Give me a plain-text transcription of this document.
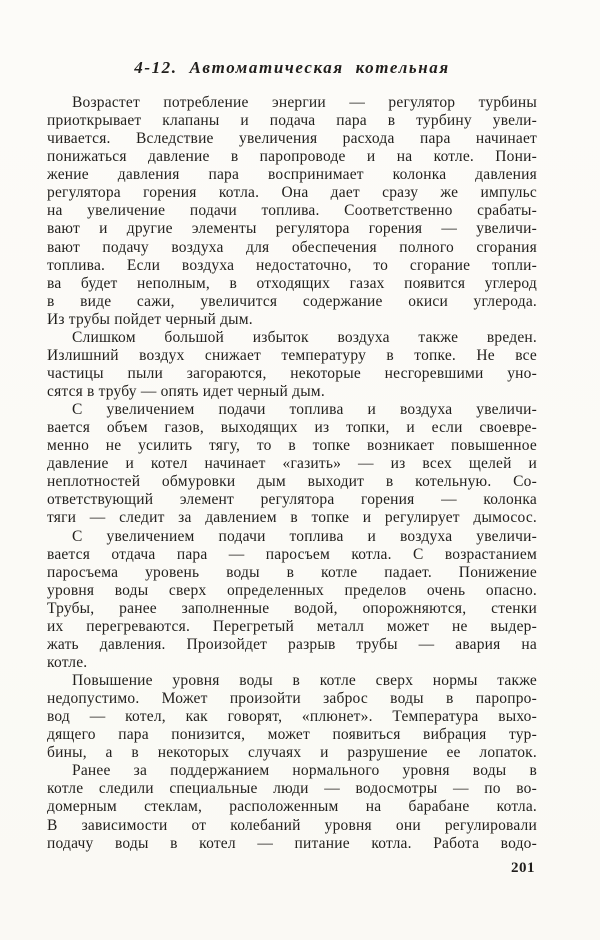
4-12. Автоматическая котельная
Возрастет потребление энергии — регулятор турбины
приоткрывает клапаны и подача пара в турбину увели-
чивается. Вследствие увеличения расхода пара начинает
понижаться давление в паропроводе и на котле. Пони-
жение давления пара воспринимает колонка давления
регулятора горения котла. Она дает сразу же импульс
на увеличение подачи топлива. Соответственно срабаты-
вают и другие элементы регулятора горения — увеличи-
вают подачу воздуха для обеспечения полного сгорания
топлива. Если воздуха недостаточно, то сгорание топли-
ва будет неполным, в отходящих газах появится углерод
в виде сажи, увеличится содержание окиси углерода.
Из трубы пойдет черный дым.
Слишком большой избыток воздуха также вреден.
Излишний воздух снижает температуру в топке. Не все
частицы пыли загораются, некоторые несгоревшими уно-
сятся в трубу — опять идет черный дым.
С увеличением подачи топлива и воздуха увеличи-
вается объем газов, выходящих из топки, и если своевре-
менно не усилить тягу, то в топке возникает повышенное
давление и котел начинает «газить» — из всех щелей и
неплотностей обмуровки дым выходит в котельную. Со-
ответствующий элемент регулятора горения — колонка
тяги — следит за давлением в топке и регулирует дымосос.
С увеличением подачи топлива и воздуха увеличи-
вается отдача пара — паросъем котла. С возрастанием
паросъема уровень воды в котле падает. Понижение
уровня воды сверх определенных пределов очень опасно.
Трубы, ранее заполненные водой, опорожняются, стенки
их перегреваются. Перегретый металл может не выдер-
жать давления. Произойдет разрыв трубы — авария на
котле.
Повышение уровня воды в котле сверх нормы также
недопустимо. Может произойти заброс воды в паропро-
вод — котел, как говорят, «плюнет». Температура выхо-
дящего пара понизится, может появиться вибрация тур-
бины, а в некоторых случаях и разрушение ее лопаток.
Ранее за поддержанием нормального уровня воды в
котле следили специальные люди — водосмотры — по во-
домерным стеклам, расположенным на барабане котла.
В зависимости от колебаний уровня они регулировали
подачу воды в котел — питание котла. Работа водо-
201
